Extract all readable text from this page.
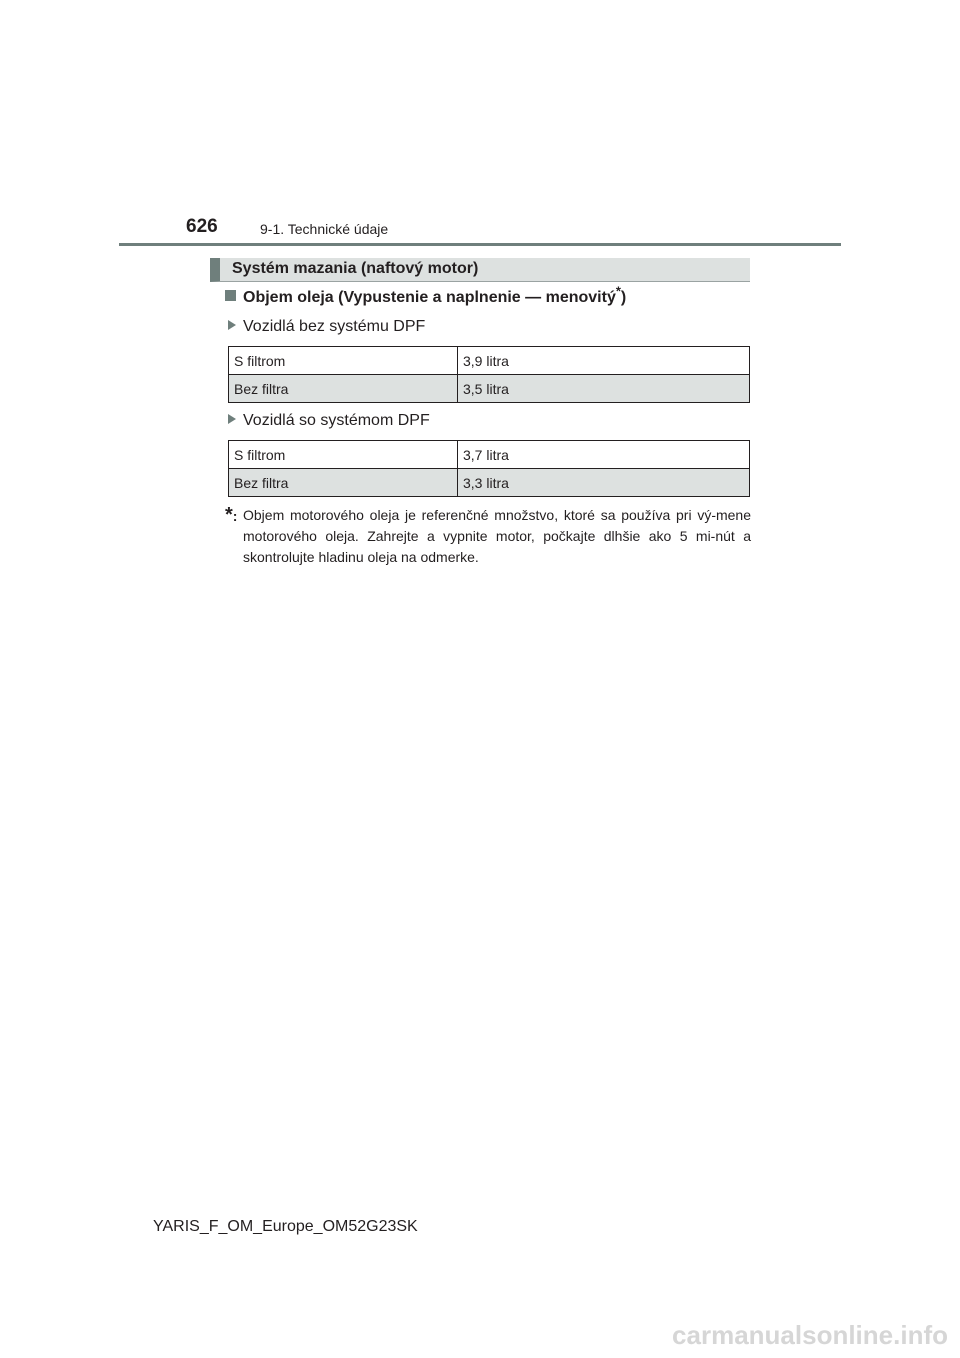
626	9-1. Technické údaje
Systém mazania (naftový motor)
Objem oleja (Vypustenie a naplnenie — menovitý*)
Vozidlá bez systému DPF
S filtrom	3,9 litra
Bez filtra	3,5 litra
Vozidlá so systémom DPF
S filtrom	3,7 litra
Bez filtra	3,3 litra
*: Objem motorového oleja je referenčné množstvo, ktoré sa používa pri vý-mene motorového oleja. Zahrejte a vypnite motor, počkajte dlhšie ako 5 mi-nút a skontrolujte hladinu oleja na odmerke.
YARIS_F_OM_Europe_OM52G23SK
carmanualsonline.info
